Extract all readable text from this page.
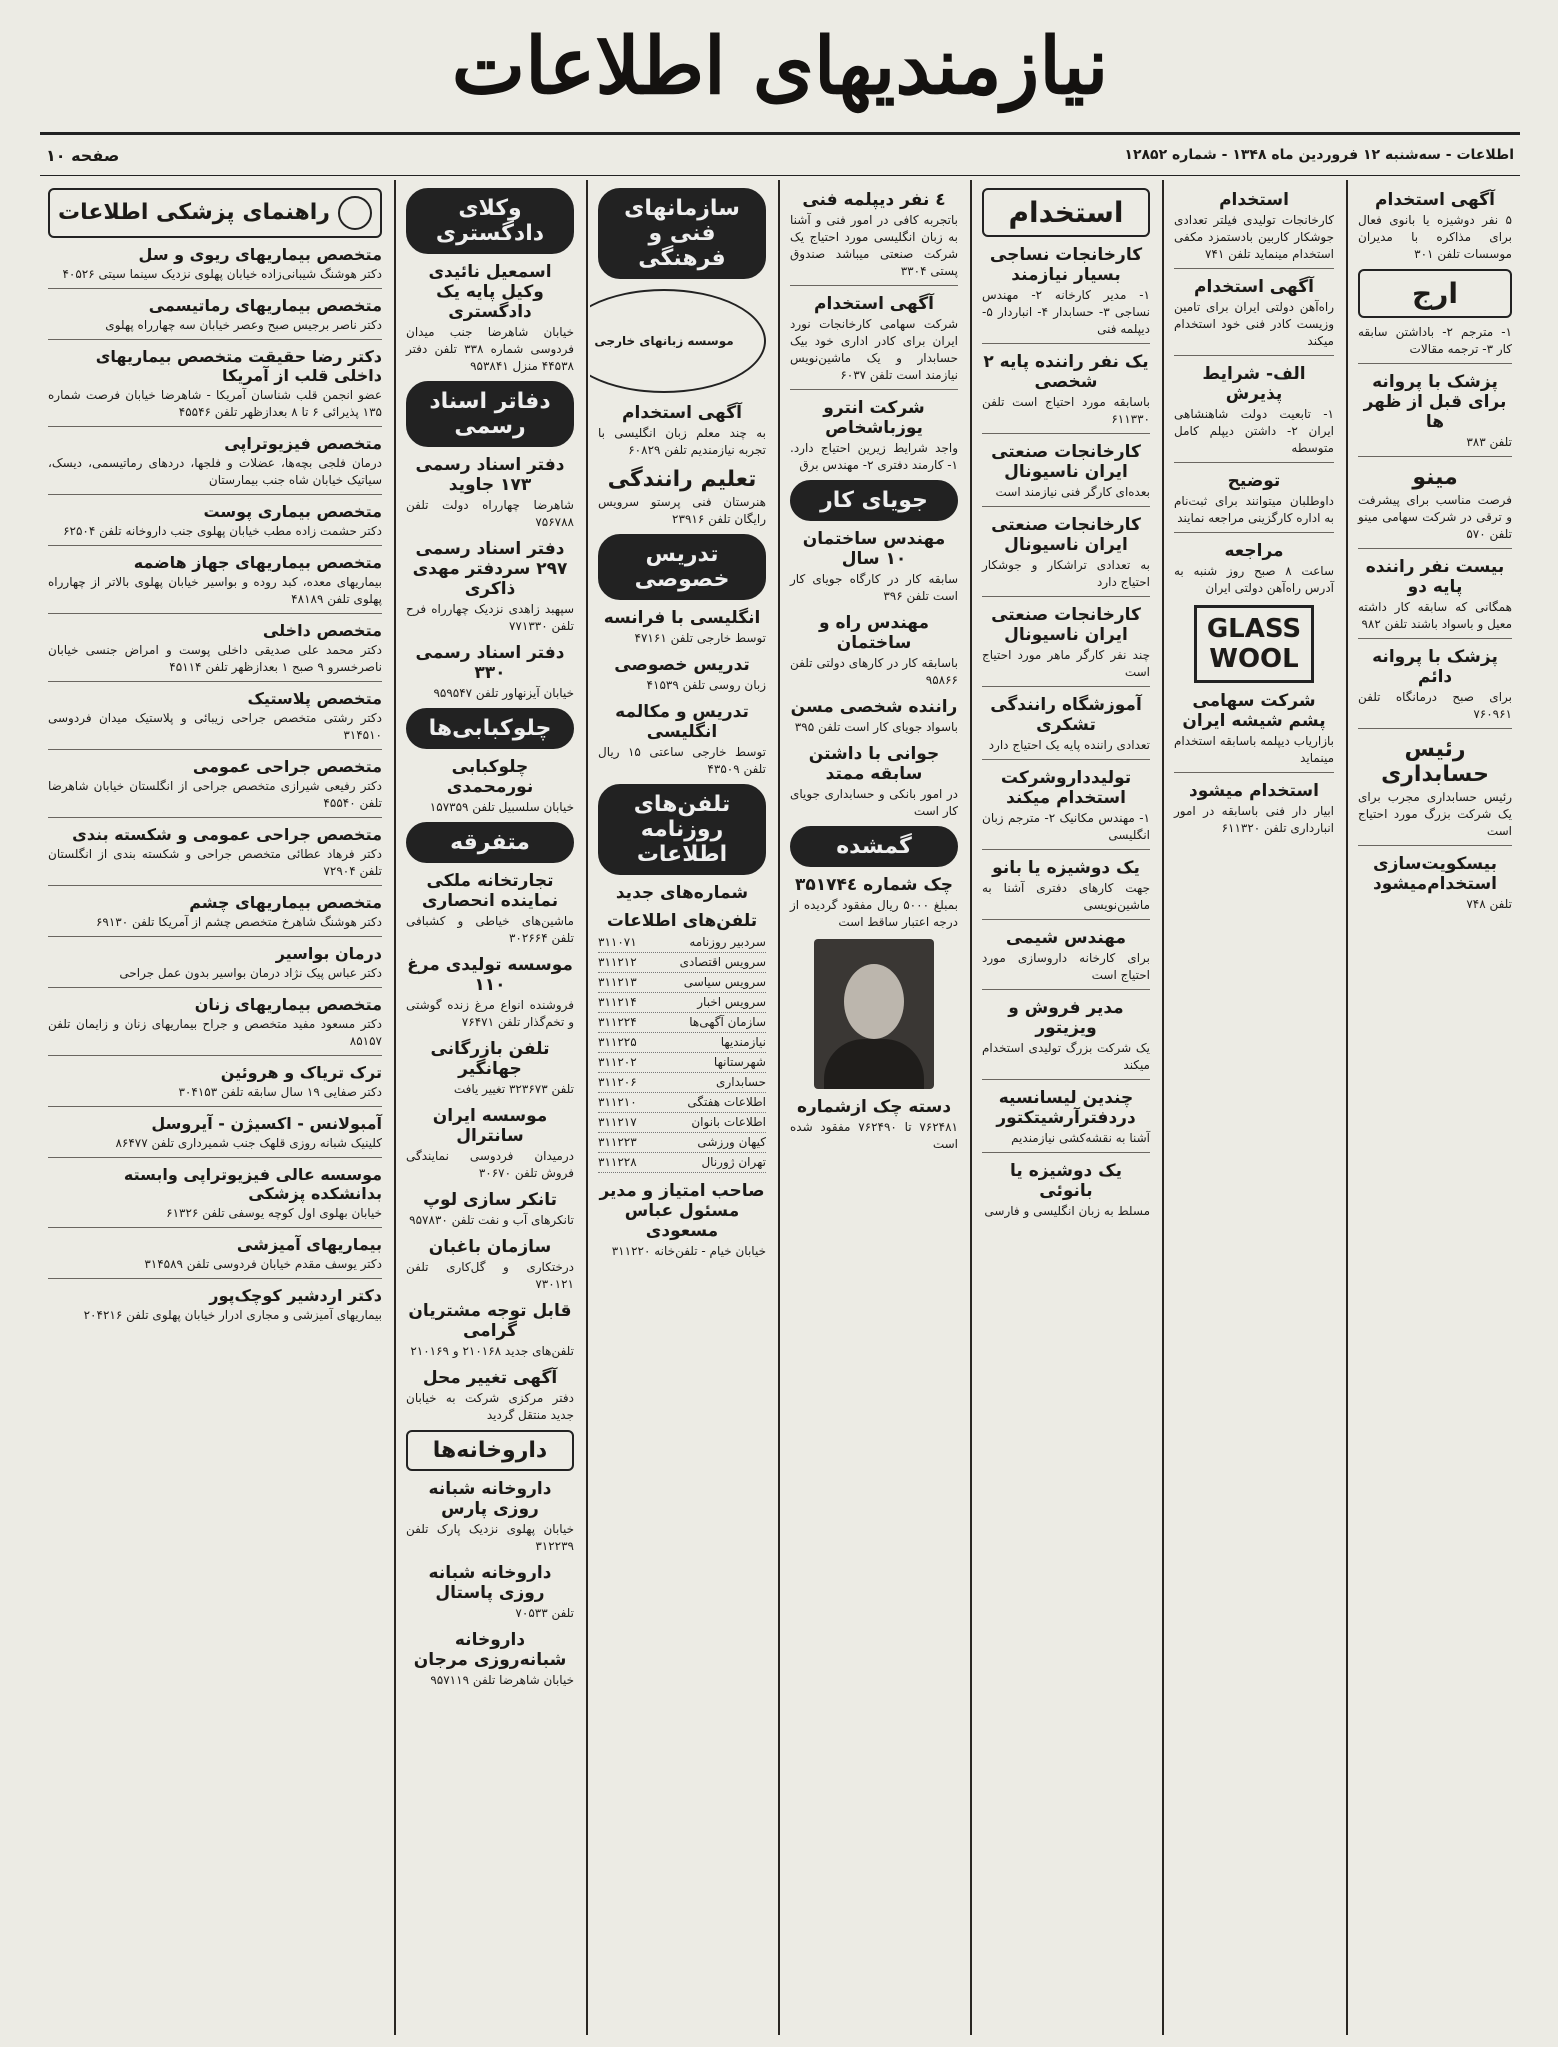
نیازمندیهای اطلاعات
اطلاعات - سه‌شنبه ۱۲ فروردین ماه ۱۳۴۸ - شماره ۱۲۸۵۲
صفحه ۱۰
راهنمای پزشکی اطلاعات
متخصص بیماریهای ریوی و سل

دکتر هوشنگ شیبانی‌زاده خیابان پهلوی نزدیک سینما سیتی ۴۰۵۲۶

متخصص بیماریهای رماتیسمی

دکتر ناصر برجیس صبح وعصر خیابان سه چهارراه پهلوی

دکتر رضا حقیقت متخصص بیماریهای داخلی قلب از آمریکا

عضو انجمن قلب شناسان آمریکا - شاهرضا خیابان فرصت شماره ۱۳۵ پذیرائی ۶ تا ۸ بعدازظهر تلفن ۴۵۵۴۶

متخصص فیزیوتراپی

درمان فلجی بچه‌ها، عضلات و فلجها، دردهای رماتیسمی، دیسک، سیاتیک خیابان شاه جنب بیمارستان

متخصص بیماری پوست

دکتر حشمت زاده مطب خیابان پهلوی جنب داروخانه تلفن ۶۲۵۰۴

متخصص بیماریهای جهاز هاضمه

بیماریهای معده، کبد روده و بواسیر خیابان پهلوی بالاتر از چهارراه پهلوی تلفن ۴۸۱۸۹

متخصص داخلی

دکتر محمد علی صدیقی داخلی پوست و امراض جنسی خیابان ناصرخسرو ۹ صبح ۱ بعدازظهر تلفن ۴۵۱۱۴

متخصص پلاستیک

دکتر رشتی متخصص جراحی زیبائی و پلاستیک میدان فردوسی ۳۱۴۵۱۰

متخصص جراحی عمومی

دکتر رفیعی شیرازی متخصص جراحی از انگلستان خیابان شاهرضا تلفن ۴۵۵۴۰

متخصص جراحی عمومی و شکسته بندی

دکتر فرهاد عطائی متخصص جراحی و شکسته بندی از انگلستان تلفن ۷۲۹۰۴

متخصص بیماریهای چشم

دکتر هوشنگ شاهرخ متخصص چشم از آمریکا تلفن ۶۹۱۳۰

درمان بواسیر

دکتر عباس پیک نژاد درمان بواسیر بدون عمل جراحی

متخصص بیماریهای زنان

دکتر مسعود مفید متخصص و جراح بیماریهای زنان و زایمان تلفن ۸۵۱۵۷

ترک تریاک و هروئین

دکتر صفایی ۱۹ سال سابقه تلفن ۳۰۴۱۵۳

آمبولانس - اکسیژن - آیروسل

کلینیک شبانه روزی قلهک جنب شمیرداری تلفن ۸۶۴۷۷

موسسه عالی فیزیوتراپی وابسته بدانشکده پزشکی

خیابان بهلوی اول کوچه یوسفی تلفن ۶۱۳۲۶

بیماریهای آمیزشی

دکتر یوسف مقدم خیابان فردوسی تلفن ۳۱۴۵۸۹

دکتر اردشیر کوچک‌پور

بیماریهای آمیزشی و مجاری ادرار خیابان پهلوی تلفن ۲۰۴۲۱۶

وکلای دادگستری
اسمعیل نائیدی وکیل پایه یک دادگستری

خیابان شاهرضا جنب میدان فردوسی شماره ۳۳۸ تلفن دفتر ۴۴۵۳۸ منزل ۹۵۳۸۴۱

دفاتر اسناد رسمی
دفتر اسناد رسمی ۱۷۳ جاوید

شاهرضا چهارراه دولت تلفن ۷۵۶۷۸۸

دفتر اسناد رسمی ۲۹۷ سردفتر مهدی ذاکری

سپهبد زاهدی نزدیک چهارراه فرح تلفن ۷۷۱۳۳۰

دفتر اسناد رسمی ۳۳۰

خیابان آیزنهاور تلفن ۹۵۹۵۴۷

چلوکبابی‌ها
چلوکبابی نورمحمدی

خیابان سلسبیل تلفن ۱۵۷۳۵۹

متفرقه
تجارتخانه ملکی نماینده انحصاری

ماشین‌های خیاطی و کشبافی تلفن ۳۰۲۶۶۴

موسسه تولیدی مرغ ۱۱۰

فروشنده انواع مرغ زنده گوشتی و تخم‌گذار تلفن ۷۶۴۷۱

تلفن بازرگانی جهانگیر

تلفن ۳۲۳۶۷۳ تغییر یافت

موسسه ایران سانترال

درمیدان فردوسی نمایندگی فروش تلفن ۳۰۶۷۰

تانکر سازی لوپ

تانکرهای آب و نفت تلفن ۹۵۷۸۳۰

سازمان باغبان

درختکاری و گل‌کاری تلفن ۷۳۰۱۲۱

قابل توجه مشتریان گرامی

تلفن‌های جدید ۲۱۰۱۶۸ و ۲۱۰۱۶۹

آگهی تغییر محل

دفتر مرکزی شرکت به خیابان جدید منتقل گردید

داروخانه‌ها
داروخانه شبانه روزی پارس

خیابان پهلوی نزدیک پارک تلفن ۳۱۲۲۳۹

داروخانه شبانه روزی پاستال

تلفن ۷۰۵۳۳

داروخانه شبانه‌روزی مرجان

خیابان شاهرضا تلفن ۹۵۷۱۱۹

سازمانهای فنی و فرهنگی
موسسه زبانهای خارجی
آگهی استخدام

به چند معلم زبان انگلیسی با تجربه نیازمندیم تلفن ۶۰۸۲۹

تعلیم رانندگی

هنرستان فنی پرستو سرویس رایگان تلفن ۲۳۹۱۶

تدریس خصوصی
انگلیسی با فرانسه

توسط خارجی تلفن ۴۷۱۶۱

تدریس خصوصی

زبان روسی تلفن ۴۱۵۳۹

تدریس و مکالمه انگلیسی

توسط خارجی ساعتی ۱۵ ریال تلفن ۴۳۵۰۹

تلفن‌های روزنامه اطلاعات
شماره‌های جدید
تلفن‌های اطلاعات
سردبیر روزنامه
۳۱۱۰۷۱
سرویس اقتصادی
۳۱۱۲۱۲
سرویس سیاسی
۳۱۱۲۱۳
سرویس اخبار
۳۱۱۲۱۴
سازمان آگهی‌ها
۳۱۱۲۲۴
نیازمندیها
۳۱۱۲۲۵
شهرستانها
۳۱۱۲۰۲
حسابداری
۳۱۱۲۰۶
اطلاعات هفتگی
۳۱۱۲۱۰
اطلاعات بانوان
۳۱۱۲۱۷
کیهان ورزشی
۳۱۱۲۲۳
تهران ژورنال
۳۱۱۲۲۸
صاحب امتیاز و مدیر مسئول عباس مسعودی

خیابان خیام - تلفن‌خانه ۳۱۱۲۲۰

٤ نفر دیپلمه فنی

باتجربه کافی در امور فنی و آشنا به زبان انگلیسی مورد احتیاج یک شرکت صنعتی میباشد صندوق پستی ۳۳۰۴

آگهی استخدام

شرکت سهامی کارخانجات نورد ایران برای کادر اداری خود بیک حسابدار و یک ماشین‌نویس نیازمند است تلفن ۶۰۳۷

شرکت انترو یوزباشخاص

واجد شرایط زیرین احتیاج دارد. ۱- کارمند دفتری ۲- مهندس برق

جویای کار
مهندس ساختمان ۱۰ سال

سابقه کار در کارگاه جویای کار است تلفن ۳۹۶

مهندس راه و ساختمان

باسابقه کار در کارهای دولتی تلفن ۹۵۸۶۶

راننده شخصی مسن

باسواد جویای کار است تلفن ۳۹۵

جوانی با داشتن سابقه ممتد

در امور بانکی و حسابداری جویای کار است

گمشده
چک شماره ۳۵۱۷۴٤

بمبلغ ۵۰۰۰ ریال مفقود گردیده از درجه اعتبار ساقط است

دسته چک ازشماره

۷۶۲۴۸۱ تا ۷۶۲۴۹۰ مفقود شده است

استخدام
کارخانجات نساجی بسیار نیازمند

۱- مدیر کارخانه ۲- مهندس نساجی ۳- حسابدار ۴- انباردار ۵- دیپلمه فنی

یک نفر راننده پایه ۲ شخصی

باسابقه مورد احتیاج است تلفن ۶۱۱۳۳۰

کارخانجات صنعتی ایران ناسیونال

بعده‌ای کارگر فنی نیازمند است

کارخانجات صنعتی ایران ناسیونال

به تعدادی تراشکار و جوشکار احتیاج دارد

کارخانجات صنعتی ایران ناسیونال

چند نفر کارگر ماهر مورد احتیاج است

آموزشگاه رانندگی تشکری

تعدادی راننده پایه یک احتیاج دارد

تولیدداروشرکت استخدام میکند

۱- مهندس مکانیک ۲- مترجم زبان انگلیسی

یک دوشیزه یا بانو

جهت کارهای دفتری آشنا به ماشین‌نویسی

مهندس شیمی

برای کارخانه داروسازی مورد احتیاج است

مدیر فروش و ویزیتور

یک شرکت بزرگ تولیدی استخدام میکند

چندین لیسانسیه دردفترآرشیتکتور

آشنا به نقشه‌کشی نیازمندیم

یک دوشیزه یا بانوئی

مسلط به زبان انگلیسی و فارسی

استخدام

کارخانجات تولیدی فیلتر تعدادی جوشکار کاربین بادستمزد مکفی استخدام مینماید تلفن ۷۴۱

آگهی استخدام

راه‌آهن دولتی ایران برای تامین وزیست کادر فنی خود استخدام میکند

الف- شرایط پذیرش

۱- تابعیت دولت شاهنشاهی ایران ۲- داشتن دیپلم کامل متوسطه

توضیح

داوطلبان میتوانند برای ثبت‌نام به اداره کارگزینی مراجعه نمایند

مراجعه

ساعت ۸ صبح روز شنبه به آدرس راه‌آهن دولتی ایران

GLASS WOOL
شرکت سهامی پشم شیشه ایران

بازاریاب دیپلمه باسابقه استخدام مینماید

استخدام میشود

ابیار دار فنی باسابقه در امور انبارداری تلفن ۶۱۱۳۲۰

آگهی استخدام

۵ نفر دوشیزه یا بانوی فعال برای مذاکره با مدیران موسسات تلفن ۳۰۱

ارج

۱- مترجم ۲- باداشتن سابقه کار ۳- ترجمه مقالات

پزشک با پروانه برای قبل از ظهر ها

تلفن ۳۸۳

مینو

فرصت مناسب برای پیشرفت و ترقی در شرکت سهامی مینو تلفن ۵۷۰

بیست نفر راننده پایه دو

همگانی که سابقه کار داشته معیل و باسواد باشند تلفن ۹۸۲

پزشک با پروانه دائم

برای صبح درمانگاه تلفن ۷۶۰۹۶۱

رئیس حسابداری

رئیس حسابداری مجرب برای یک شرکت بزرگ مورد احتیاج است

بیسکویت‌سازی استخدام‌میشود

تلفن ۷۴۸
